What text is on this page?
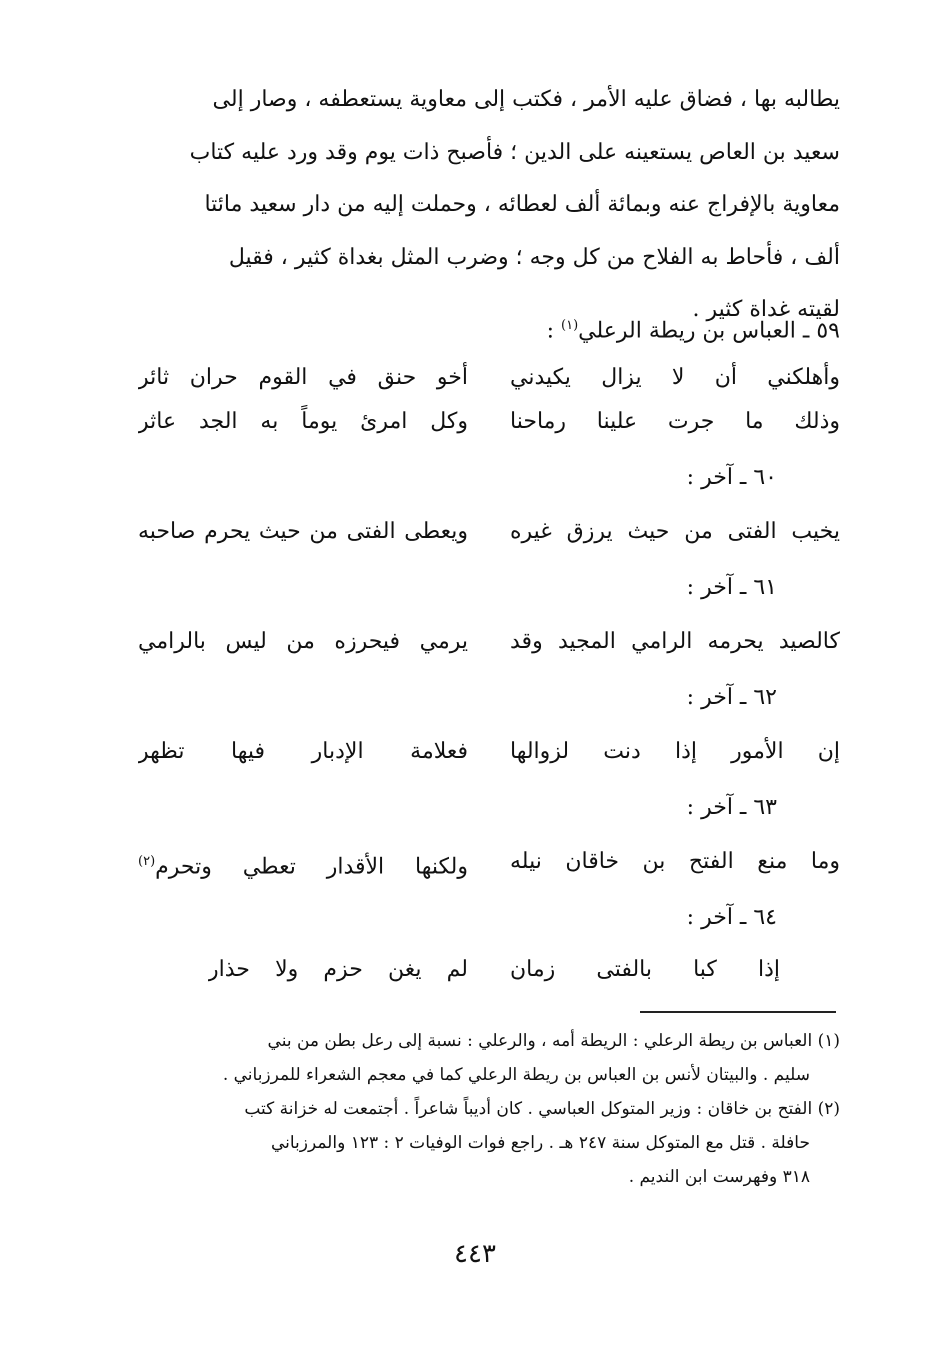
يطالبه بها ، فضاق عليه الأمر ، فكتب إلى معاوية يستعطفه ، وصار إلى
سعيد بن العاص يستعينه على الدين ؛ فأصبح ذات يوم وقد ورد عليه كتاب
معاوية بالإفراج عنه وبمائة ألف لعطائه ، وحملت إليه من دار سعيد مائتا
ألف ، فأحاط به الفلاح من كل وجه ؛ وضرب المثل بغداة كثير ، فقيل
لقيته غداة كثير .
٥٩ ـ العباس بن ريطة الرعلي$^{(١)}$ :
وأهلكني أن لا يزال يكيدني
أخو حنق في القوم حران ثائر
وذلك ما جرت علينا رماحنا
وكل امرئ يوماً به الجد عاثر
٦٠ ـ آخر :
يخيب الفتى من حيث يرزق غيره
ويعطى الفتى من حيث يحرم صاحبه
٦١ ـ آخر :
كالصيد يحرمه الرامي المجيد وقد
يرمي فيحرزه من ليس بالرامي
٦٢ ـ آخر :
إن الأمور إذا دنت لزوالها
فعلامة الإدبار فيها تظهر
٦٣ ـ آخر :
وما منع الفتح بن خاقان نيله
ولكنها الأقدار تعطي وتحرم$^{(٢)}$
٦٤ ـ آخر :
إذا كبا بالفتى زمان
لم يغن حزم ولا حذار
(١) العباس بن ريطة الرعلي : الريطة أمه ، والرعلي : نسبة إلى رعل بطن من بني
سليم . والبيتان لأنس بن العباس بن ريطة الرعلي كما في معجم الشعراء للمرزباني .
(٢) الفتح بن خاقان : وزير المتوكل العباسي . كان أديباً شاعراً . أجتمعت له خزانة كتب
حافلة . قتل مع المتوكل سنة ٢٤٧ هـ . راجع فوات الوفيات ٢ : ١٢٣ والمرزباني
٣١٨ وفهرست ابن النديم .
٤٤٣
